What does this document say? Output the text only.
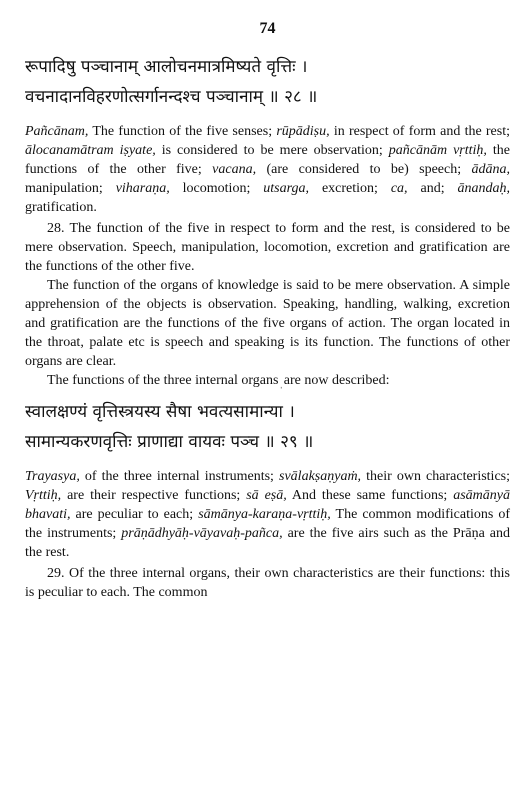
74

रूपादिषु पञ्चानाम् आलोचनमात्रमिष्यते वृत्तिः ।

वचनादानविहरणोत्सर्गानन्दश्च पञ्चानाम् ॥ २८ ॥

Pañcānam, The function of the five senses; rūpādiṣu, in respect of form and the rest; ālocanamātram iṣyate, is considered to be mere observation; pañcānām vṛttiḥ, the functions of the other five; vacana, (are considered to be) speech; ādāna, manipulation; viharaṇa, locomotion; utsarga, excretion; ca, and; ānandaḥ, gratification.

28. The function of the five in respect to form and the rest, is considered to be mere observation. Speech, manipulation, locomotion, excretion and gratification are the functions of the other five.

The function of the organs of knowledge is said to be mere observation. A simple apprehension of the objects is observation. Speaking, handling, walking, excretion and gratification are the functions of the five organs of action. The organ located in the throat, palate etc is speech and speaking is its function. The functions of other organs are clear.

The functions of the three internal organsˌare now described:

स्वालक्षण्यं वृत्तिस्त्रयस्य सैषा भवत्यसामान्या ।

सामान्यकरणवृत्तिः प्राणाद्या वायवः पञ्च ॥ २९ ॥

Trayasya, of the three internal instruments; svālakṣaṇyaṁ, their own characteristics; Vṛttiḥ, are their respective functions; sā eṣā, And these same functions; asāmānyā bhavati, are peculiar to each; sāmānya-karaṇa-vṛttiḥ, The common modifications of the instruments; prāṇādhyāḥ-vāyavaḥ-pañca, are the five airs such as the Prāṇa and the rest.

29. Of the three internal organs, their own characteristics are their functions: this is peculiar to each. The common
